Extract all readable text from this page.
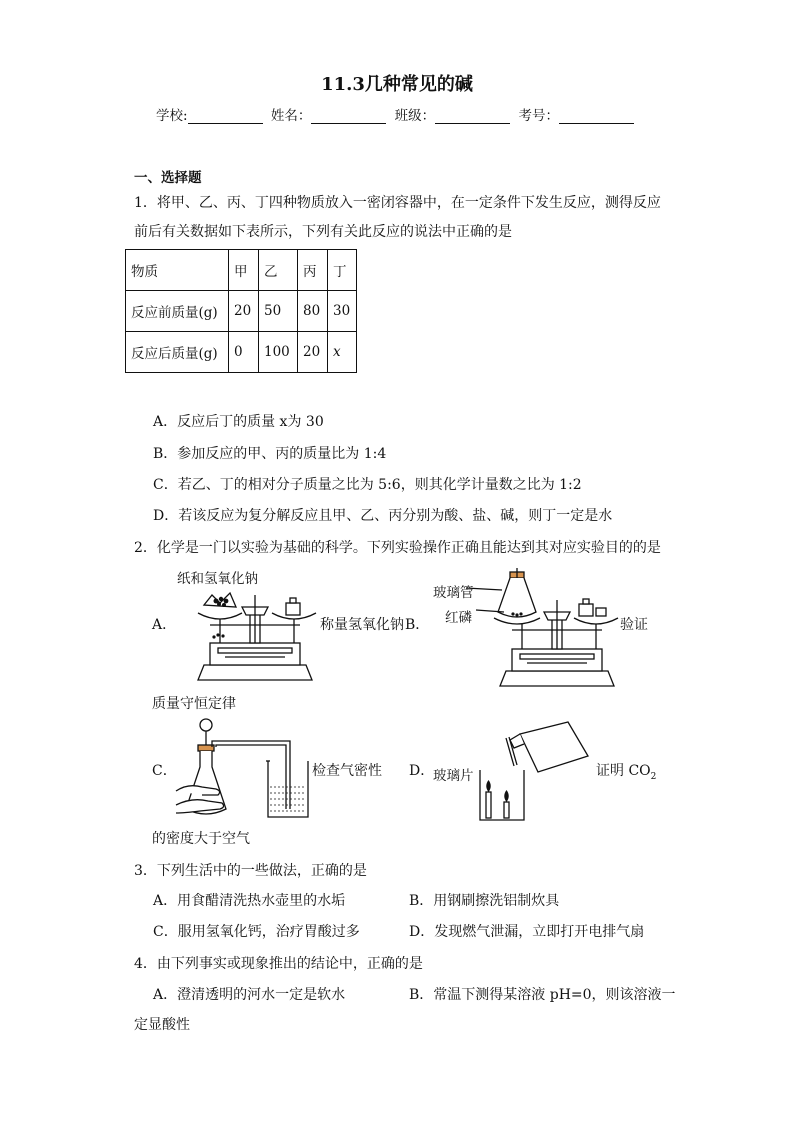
11.3几种常见的碱
学校:	姓名：	班级：	考号：
一、选择题
1．将甲、乙、丙、丁四种物质放入一密闭容器中，在一定条件下发生反应，测得反应
前后有关数据如下表所示，下列有关此反应的说法中正确的是
物质	甲	乙	丙	丁
反应前质量(g)	20	50	80	30
反应后质量(g)	0	100	20	x
A．反应后丁的质量 x为 30
B．参加反应的甲、丙的质量比为 1:4
C．若乙、丁的相对分子质量之比为 5:6，则其化学计量数之比为 1:2
D．若该反应为复分解反应且甲、乙、丙分别为酸、盐、碱，则丁一定是水
2．化学是一门以实验为基础的科学。下列实验操作正确且能达到其对应实验目的的是
A．
纸和氢氧化钠
称量氢氧化钠 B．
玻璃管
红磷	验证
质量守恒定律
C．	检查气密性 D．
玻璃片	证明 $CO_2$
的密度大于空气
3．下列生活中的一些做法，正确的是
A．用食醋清洗热水壶里的水垢	B．用钢刷擦洗铝制炊具
C．服用氢氧化钙，治疗胃酸过多	D．发现燃气泄漏，立即打开电排气扇
4．由下列事实或现象推出的结论中，正确的是
A．澄清透明的河水一定是软水	B．常温下测得某溶液 pH=0，则该溶液一
定显酸性
